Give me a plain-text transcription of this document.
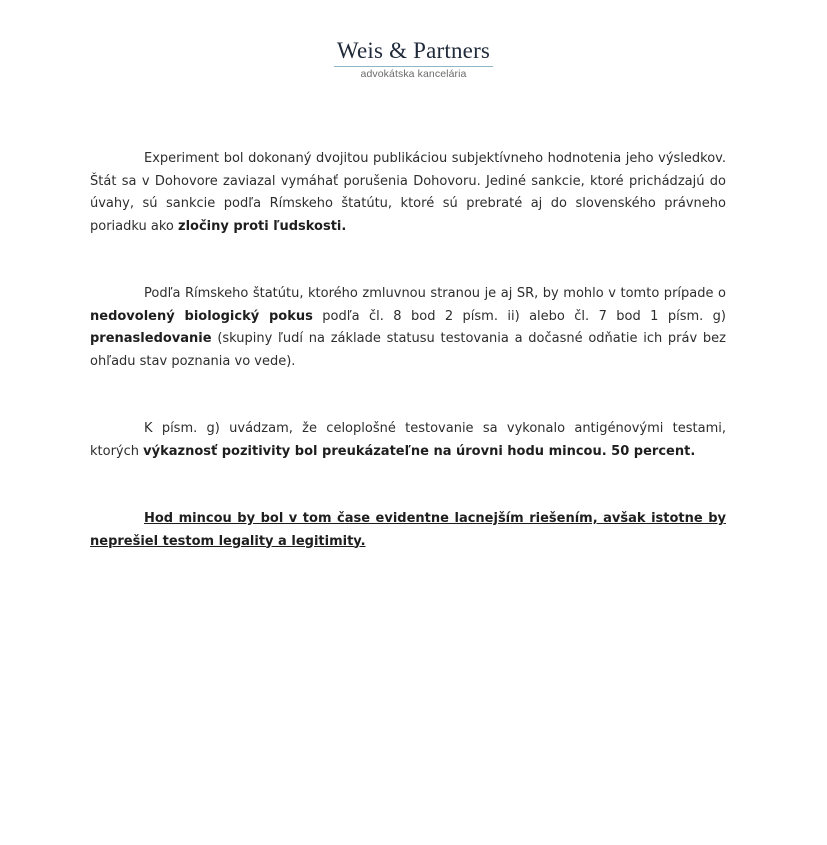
Weis & Partners
advokátska kancelária

Experiment bol dokonaný dvojitou publikáciou subjektívneho hodnotenia jeho výsledkov. Štát sa v Dohovore zaviazal vymáhať porušenia Dohovoru. Jediné sankcie, ktoré prichádzajú do úvahy, sú sankcie podľa Rímskeho štatútu, ktoré sú prebraté aj do slovenského právneho poriadku ako zločiny proti ľudskosti.

Podľa Rímskeho štatútu, ktorého zmluvnou stranou je aj SR, by mohlo v tomto prípade o nedovolený biologický pokus podľa čl. 8 bod 2 písm. ii) alebo čl. 7 bod 1 písm. g) prenasledovanie (skupiny ľudí na základe statusu testovania a dočasné odňatie ich práv bez ohľadu stav poznania vo vede).

K písm. g) uvádzam, že celoplošné testovanie sa vykonalo antigénovými testami, ktorých výkaznosť pozitivity bol preukázateľne na úrovni hodu mincou. 50 percent.

Hod mincou by bol v tom čase evidentne lacnejším riešením, avšak istotne by neprešiel testom legality a legitimity.
